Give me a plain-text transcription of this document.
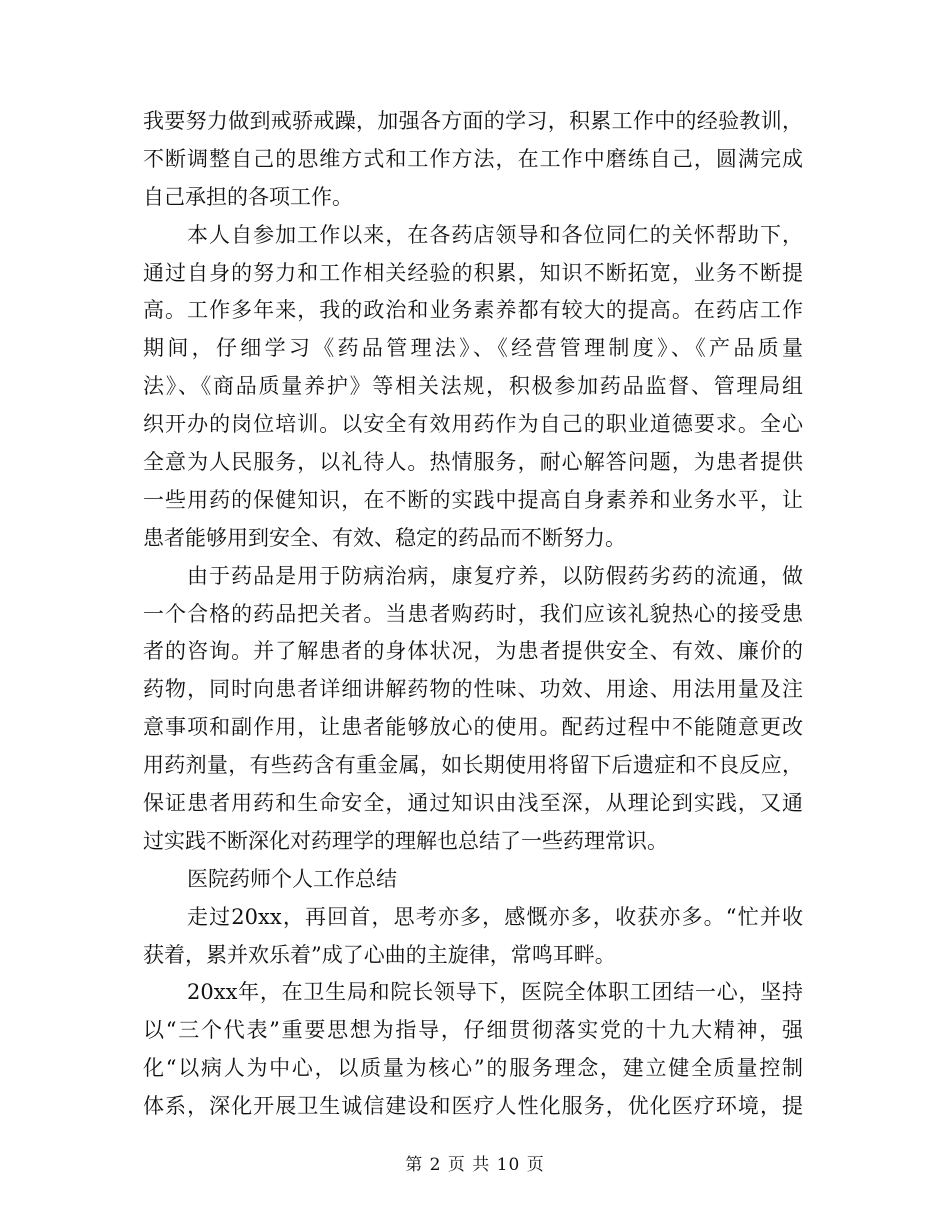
我要努力做到戒骄戒躁，加强各方面的学习，积累工作中的经验教训，
不断调整自己的思维方式和工作方法，在工作中磨练自己，圆满完成
自己承担的各项工作。
本人自参加工作以来，在各药店领导和各位同仁的关怀帮助下，
通过自身的努力和工作相关经验的积累，知识不断拓宽，业务不断提
高。工作多年来，我的政治和业务素养都有较大的提高。在药店工作
期间，仔细学习《药品管理法》、《经营管理制度》、《产品质量
法》、《商品质量养护》等相关法规，积极参加药品监督、管理局组
织开办的岗位培训。以安全有效用药作为自己的职业道德要求。全心
全意为人民服务，以礼待人。热情服务，耐心解答问题，为患者提供
一些用药的保健知识，在不断的实践中提高自身素养和业务水平，让
患者能够用到安全、有效、稳定的药品而不断努力。
由于药品是用于防病治病，康复疗养，以防假药劣药的流通，做
一个合格的药品把关者。当患者购药时，我们应该礼貌热心的接受患
者的咨询。并了解患者的身体状况，为患者提供安全、有效、廉价的
药物，同时向患者详细讲解药物的性味、功效、用途、用法用量及注
意事项和副作用，让患者能够放心的使用。配药过程中不能随意更改
用药剂量，有些药含有重金属，如长期使用将留下后遗症和不良反应，
保证患者用药和生命安全，通过知识由浅至深，从理论到实践，又通
过实践不断深化对药理学的理解也总结了一些药理常识。
医院药师个人工作总结
走过20xx，再回首，思考亦多，感慨亦多，收获亦多。“忙并收
获着，累并欢乐着”成了心曲的主旋律，常鸣耳畔。
20xx年，在卫生局和院长领导下，医院全体职工团结一心，坚持
以“三个代表”重要思想为指导，仔细贯彻落实党的十九大精神，强
化“以病人为中心，以质量为核心”的服务理念，建立健全质量控制
体系，深化开展卫生诚信建设和医疗人性化服务，优化医疗环境，提
第 2 页 共 10 页
